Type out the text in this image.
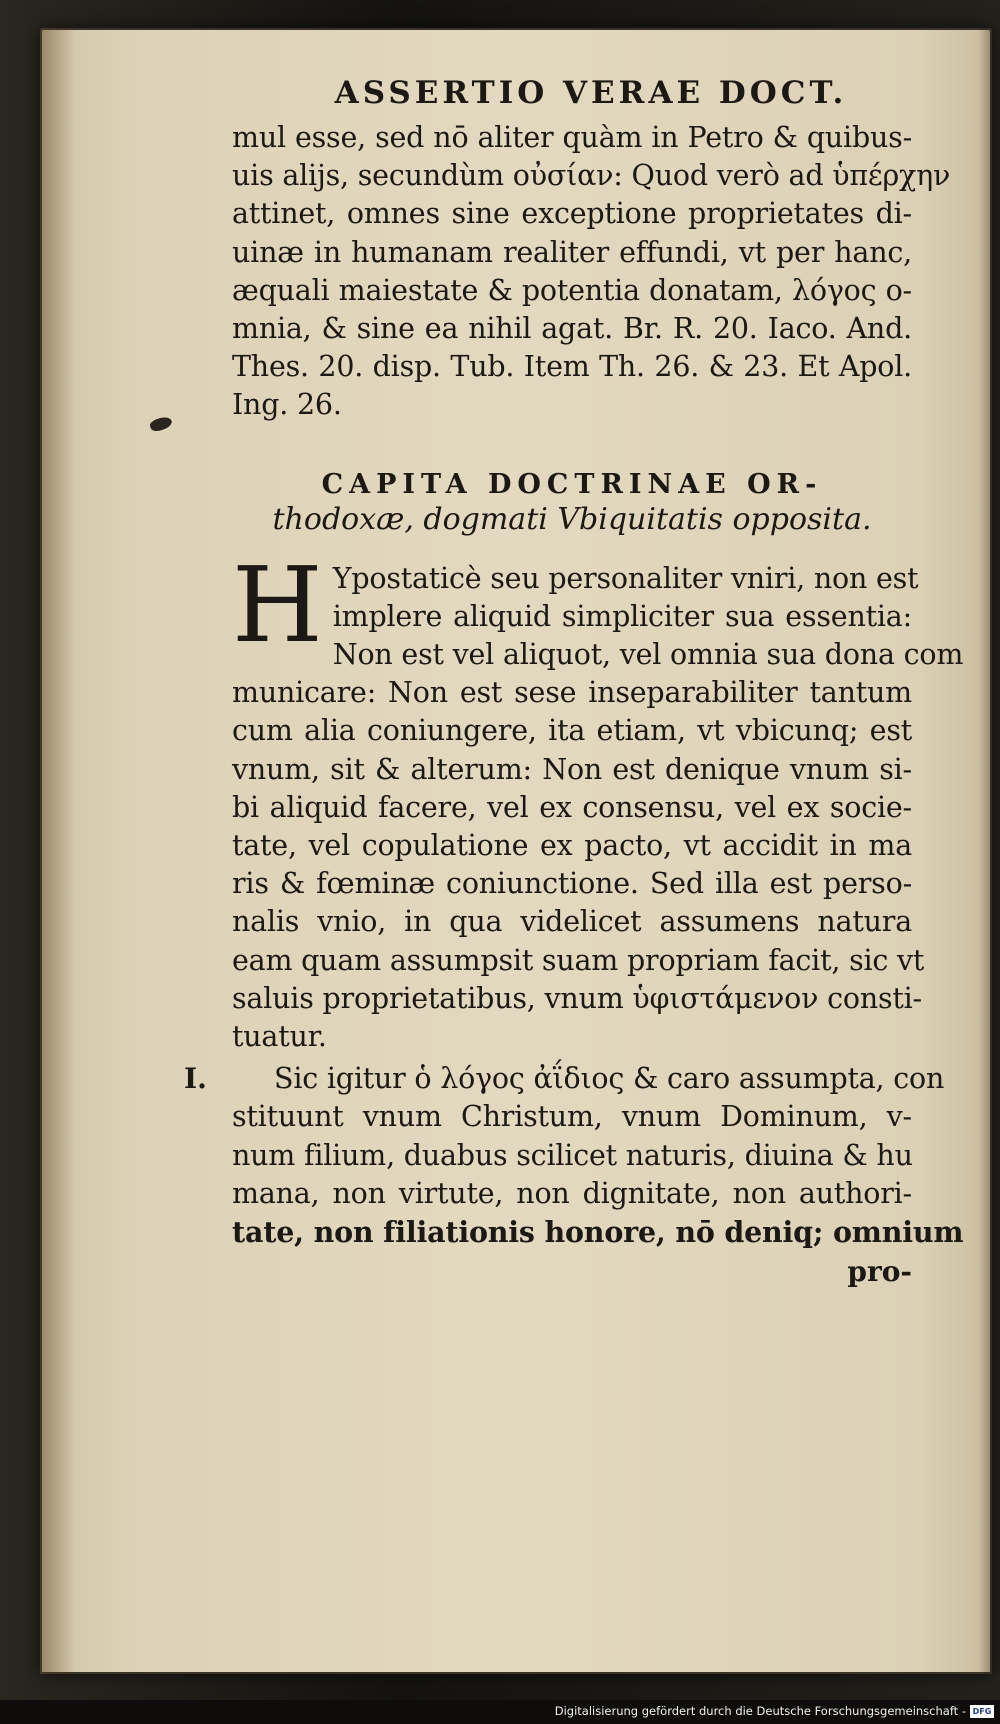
ASSERTIO VERAE DOCT.
mul esse, sed nō aliter quàm in Petro & quibus-
uis alijs, secundùm οὐσίαν: Quod verò ad ὑπέρχην
attinet, omnes sine exceptione proprietates di-
uinæ in humanam realiter effundi, vt per hanc,
æquali maiestate & potentia donatam, λόγος o-
mnia, & sine ea nihil agat. Br. R. 20. Iaco. And.
Thes. 20. disp. Tub. Item Th. 26. & 23. Et Apol.
Ing. 26.
CAPITA DOCTRINAE OR-
thodoxæ, dogmati Vbiquitatis opposita.
H Ypostaticè seu personaliter vniri, non est
implere aliquid simpliciter sua essentia:
Non est vel aliquot, vel omnia sua dona com
municare: Non est sese inseparabiliter tantum
cum alia coniungere, ita etiam, vt vbicunq; est
vnum, sit & alterum: Non est denique vnum si-
bi aliquid facere, vel ex consensu, vel ex socie-
tate, vel copulatione ex pacto, vt accidit in ma
ris & fœminæ coniunctione. Sed illa est perso-
nalis vnio, in qua videlicet assumens natura
eam quam assumpsit suam propriam facit, sic vt
saluis proprietatibus, vnum ὑφιστάμενον consti-
tuatur.
I.	Sic igitur ὁ λόγος ἀΐδιος & caro assumpta, con
stituunt vnum Christum, vnum Dominum, v-
num filium, duabus scilicet naturis, diuina & hu
mana, non virtute, non dignitate, non authori-
tate, non filiationis honore, nō deniq; omnium
pro-
Digitalisierung gefördert durch die Deutsche Forschungsgemeinschaft - DFG
